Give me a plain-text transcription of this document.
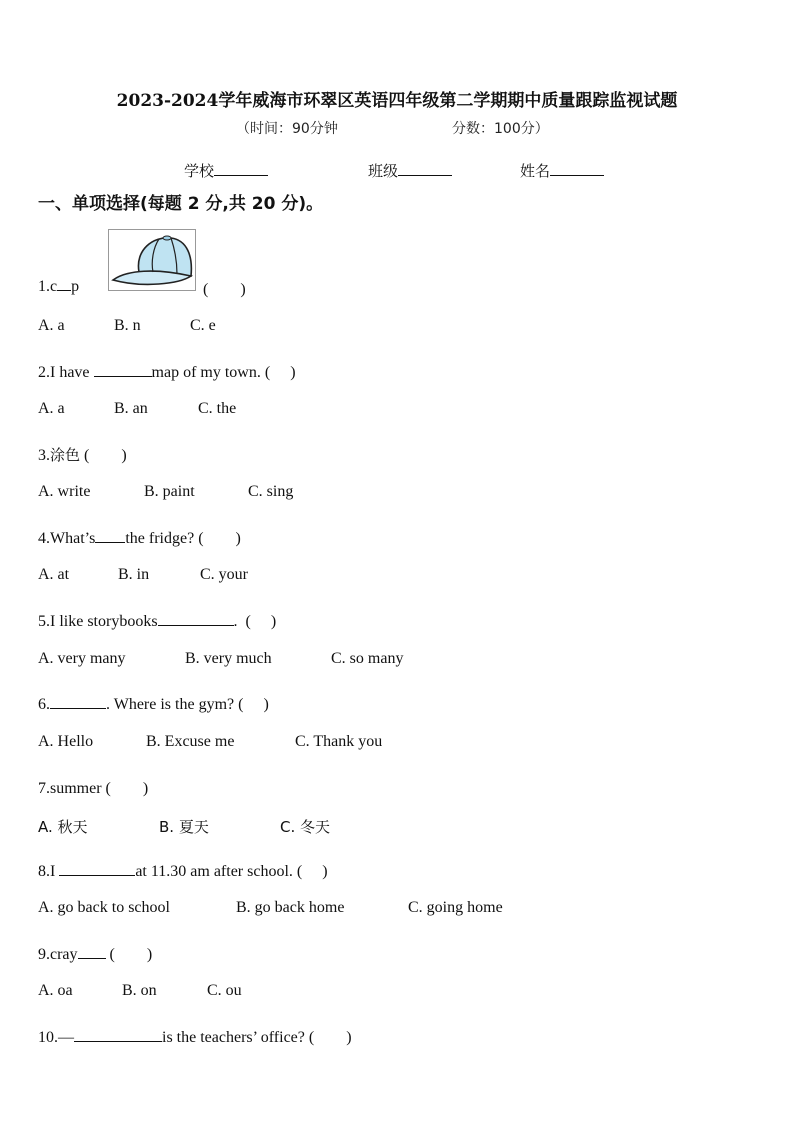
2023-2024学年威海市环翠区英语四年级第二学期期中质量跟踪监视试题
（时间：90分钟	分数：100分）
学校	班级	姓名
一、单项选择(每题 2 分,共 20 分)。
1.c p	(　　)
A. a	B. n	C. e
2.I have	map of my town. (　 )
A. a	B. an	C. the
3.涂色 (　　)
A. write	B. paint	C. sing
4.What’s the fridge? (　　)
A. at	B. in	C. your
5.I like storybooks	. (　 )
A. very many	B. very much	C. so many
6.	. Where is the gym? (　 )
A. Hello	B. Excuse me	C. Thank you
7.summer (　　)
A. 秋天	B. 夏天	C. 冬天
8.I	at 11.30 am after school. (　 )
A. go back to school	B. go back home	C. going home
9.cray (　　)
A. oa	B. on	C. ou
10.—	is the teachers’ office? (　　)
